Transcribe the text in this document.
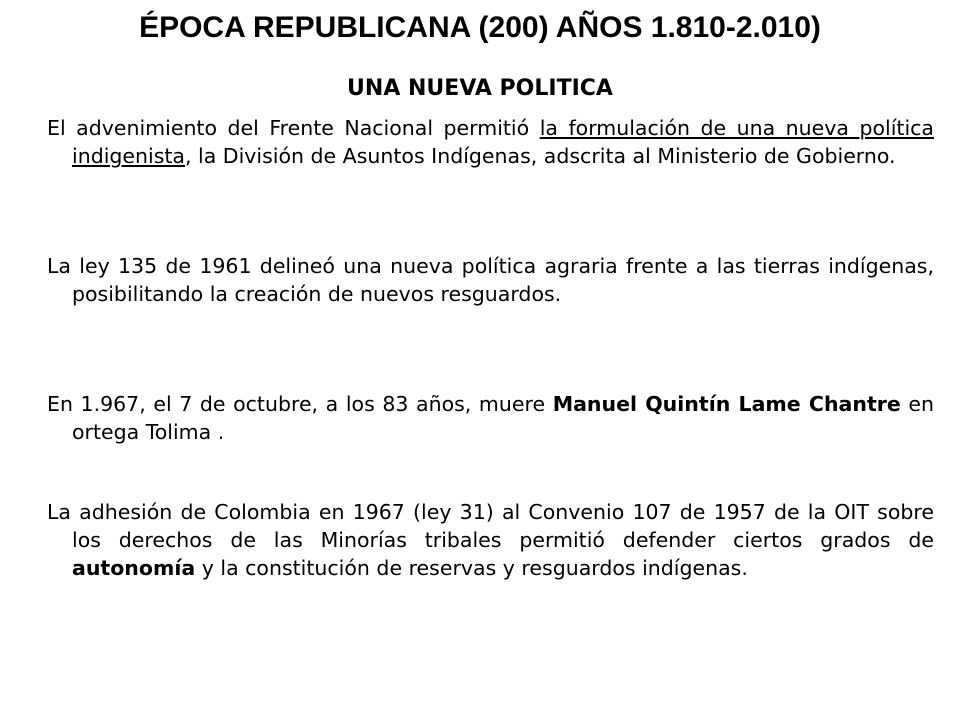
ÉPOCA REPUBLICANA (200) AÑOS 1.810-2.010)
UNA NUEVA POLITICA

El advenimiento del Frente Nacional permitió la formulación de una nueva política indigenista, la División de Asuntos Indígenas, adscrita al Ministerio de Gobierno.

La ley 135 de 1961 delineó una nueva política agraria frente a las tierras indígenas, posibilitando la creación de nuevos resguardos.

En 1.967, el 7 de octubre, a los 83 años, muere Manuel Quintín Lame Chantre en ortega Tolima .

La adhesión de Colombia en 1967 (ley 31) al Convenio 107 de 1957 de la OIT sobre los derechos de las Minorías tribales permitió defender ciertos grados de autonomía y la constitución de reservas y resguardos indígenas.
